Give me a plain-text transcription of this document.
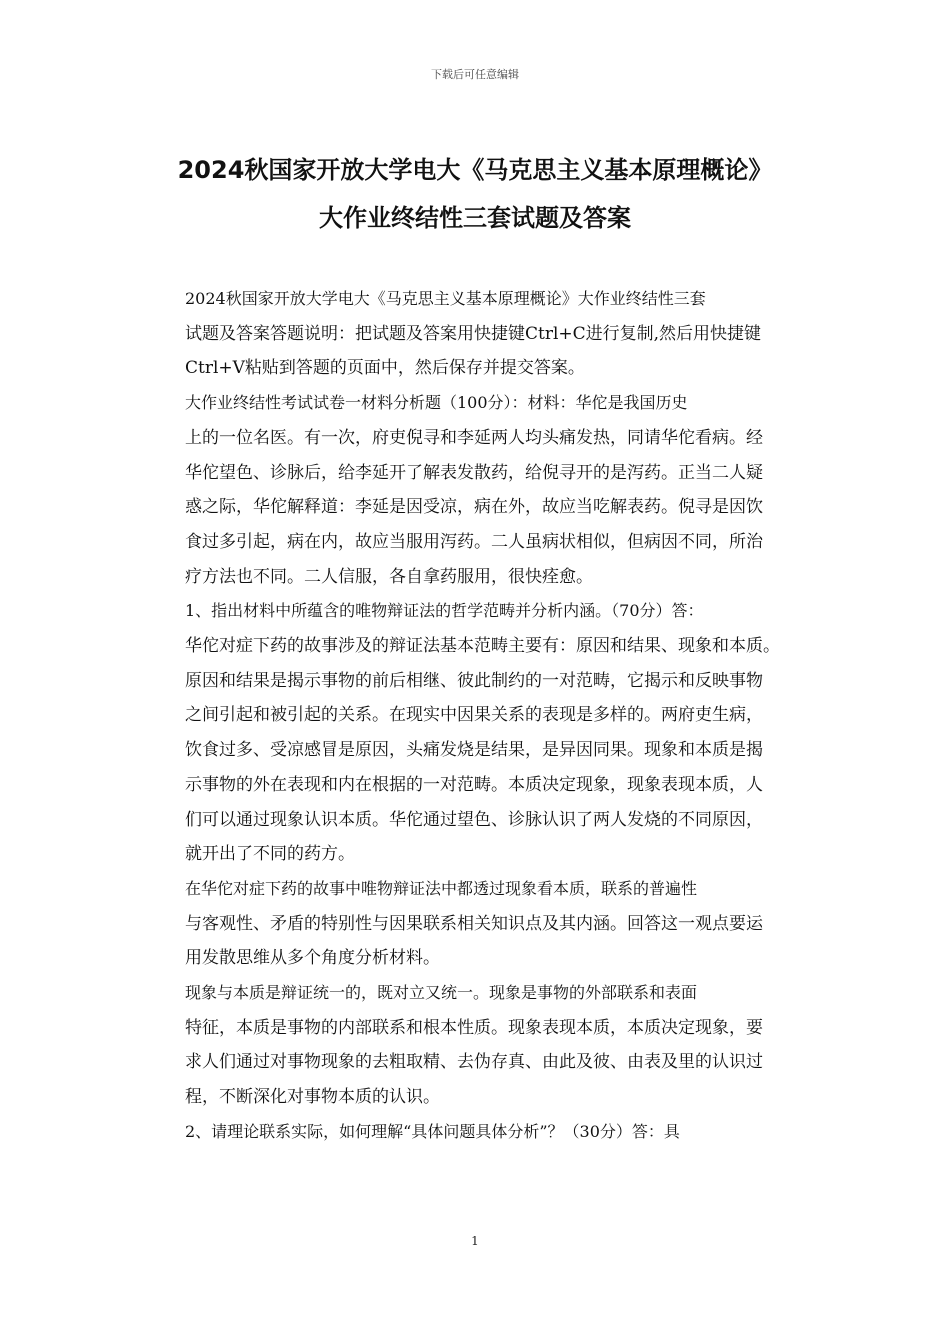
下载后可任意编辑
2024秋国家开放大学电大《马克思主义基本原理概论》
大作业终结性三套试题及答案

2024秋国家开放大学电大《马克思主义基本原理概论》大作业终结性三套
试题及答案答题说明：把试题及答案用快捷键Ctrl+C进行复制,然后用快捷键
Ctrl+V粘贴到答题的页面中，然后保存并提交答案。

大作业终结性考试试卷一材料分析题（100分）：材料：华佗是我国历史
上的一位名医。有一次，府吏倪寻和李延两人均头痛发热，同请华佗看病。经
华佗望色、诊脉后，给李延开了解表发散药，给倪寻开的是泻药。正当二人疑
惑之际，华佗解释道：李延是因受凉，病在外，故应当吃解表药。倪寻是因饮
食过多引起，病在内，故应当服用泻药。二人虽病状相似，但病因不同，所治
疗方法也不同。二人信服，各自拿药服用，很快痊愈。

1、指出材料中所蕴含的唯物辩证法的哲学范畴并分析内涵。（70分）答：
华佗对症下药的故事涉及的辩证法基本范畴主要有：原因和结果、现象和本质。
原因和结果是揭示事物的前后相继、彼此制约的一对范畴，它揭示和反映事物
之间引起和被引起的关系。在现实中因果关系的表现是多样的。两府吏生病，
饮食过多、受凉感冒是原因，头痛发烧是结果，是异因同果。现象和本质是揭
示事物的外在表现和内在根据的一对范畴。本质决定现象，现象表现本质，人
们可以通过现象认识本质。华佗通过望色、诊脉认识了两人发烧的不同原因，
就开出了不同的药方。

在华佗对症下药的故事中唯物辩证法中都透过现象看本质，联系的普遍性
与客观性、矛盾的特别性与因果联系相关知识点及其内涵。回答这一观点要运
用发散思维从多个角度分析材料。

现象与本质是辩证统一的，既对立又统一。现象是事物的外部联系和表面
特征，本质是事物的内部联系和根本性质。现象表现本质，本质决定现象，要
求人们通过对事物现象的去粗取精、去伪存真、由此及彼、由表及里的认识过
程，不断深化对事物本质的认识。

2、请理论联系实际，如何理解“具体问题具体分析”？（30分）答：具

1
